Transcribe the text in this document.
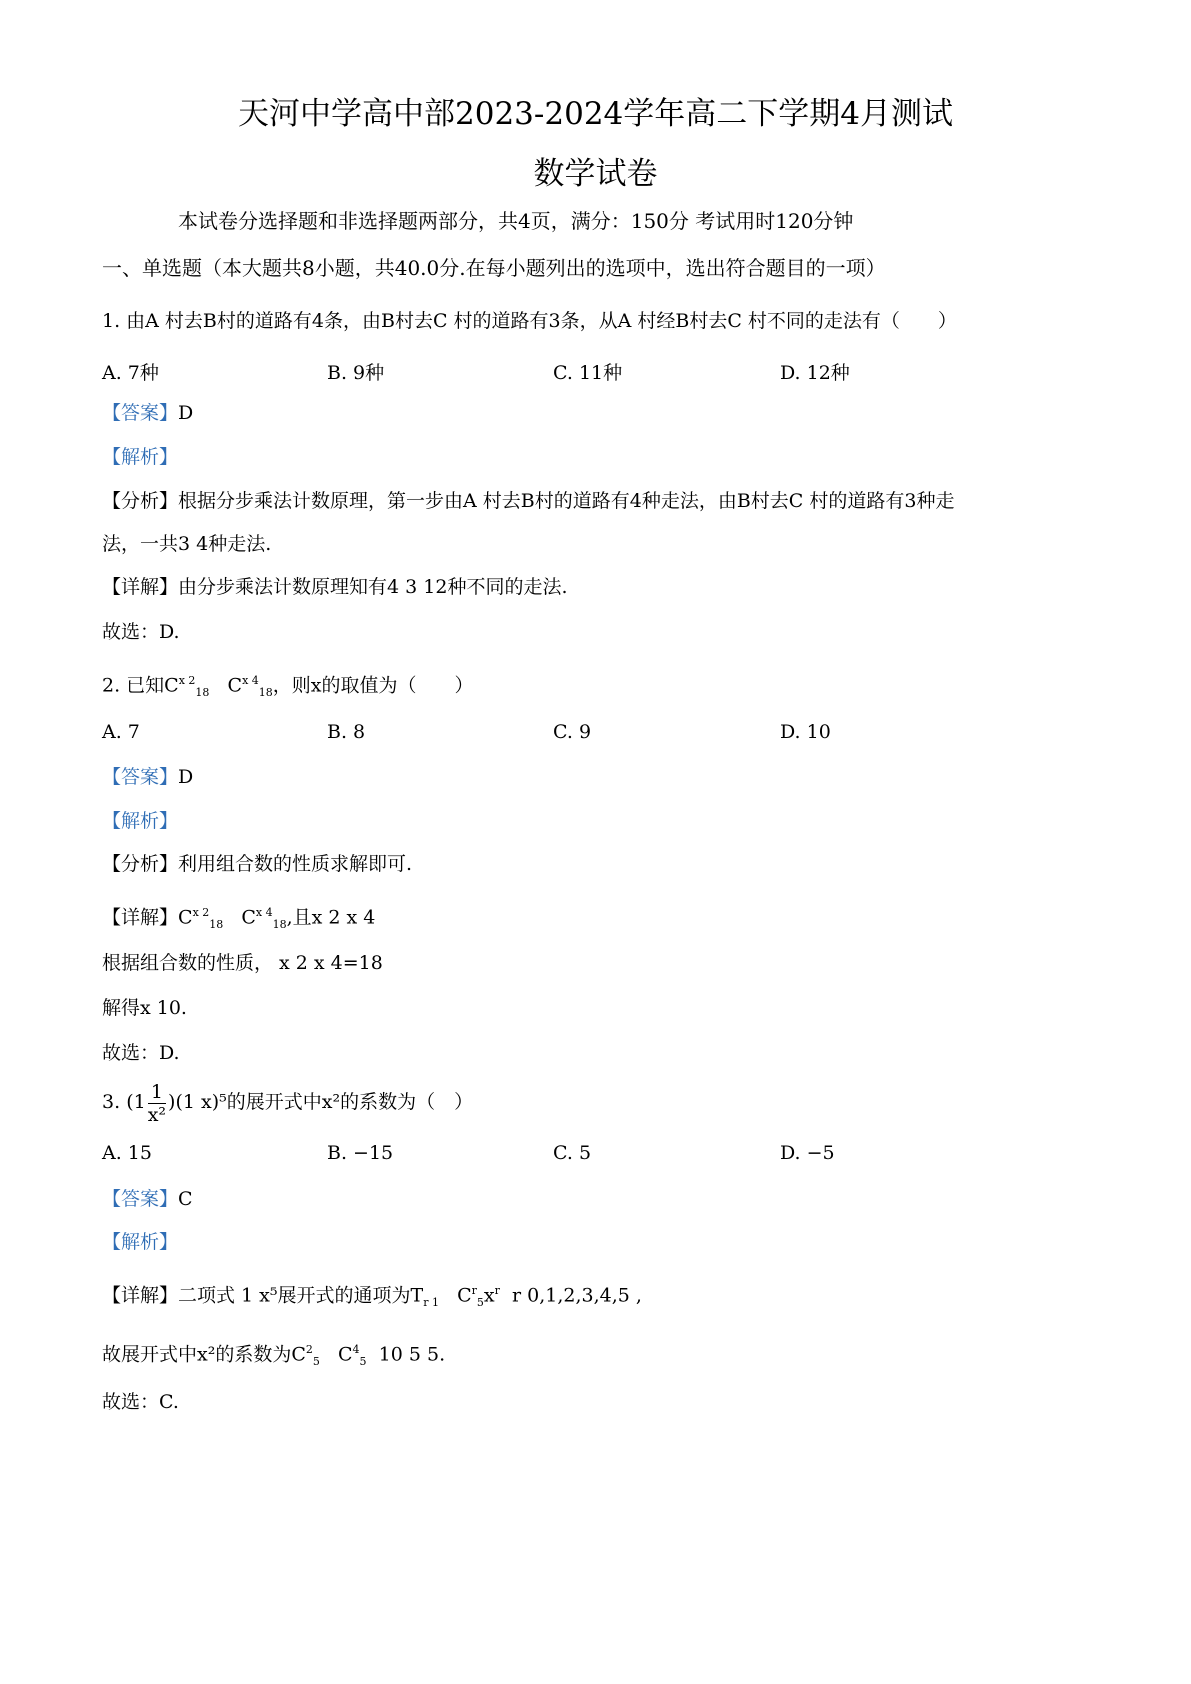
天河中学高中部2023-2024学年高二下学期4月测试
数学试卷
本试卷分选择题和非选择题两部分，共4页，满分：150分 考试用时120分钟
一、单选题（本大题共8小题，共40.0分.在每小题列出的选项中，选出符合题目的一项）
1. 由A 村去B村的道路有4条，由B村去C 村的道路有3条，从A 村经B村去C 村不同的走法有（　　）
A. 7种	B. 9种	C. 11种	D. 12种
【答案】D
【解析】
【分析】根据分步乘法计数原理，第一步由A 村去B村的道路有4种走法，由B村去C 村的道路有3种走
法，一共3 4种走法.
【详解】由分步乘法计数原理知有4 3 12种不同的走法.
故选：D.
2. 已知$C^{x 2}_{18}$   $C^{x 4}_{18}$，则x的取值为（　　）
A. 7	B. 8	C. 9	D. 10
【答案】D
【解析】
【分析】利用组合数的性质求解即可.
【详解】$C^{x 2}_{18}$   $C^{x 4}_{18}$,且x 2 x 4
根据组合数的性质， x 2 x 4=18
解得x 10.
故选：D.
3. $(1 \frac{1}{\text{x²}} )(1$ x)⁵的展开式中x²的系数为（　）
A. 15	B. −15	C. 5	D. −5
【答案】C
【解析】
【详解】二项式 1 x⁵展开式的通项为$T_{r 1}$   $C^r_5x^r$ r 0,1,2,3,4,5 ,
故展开式中x²的系数为$C^2_5$   $C^4_5$ 10 5 5.
故选：C.
